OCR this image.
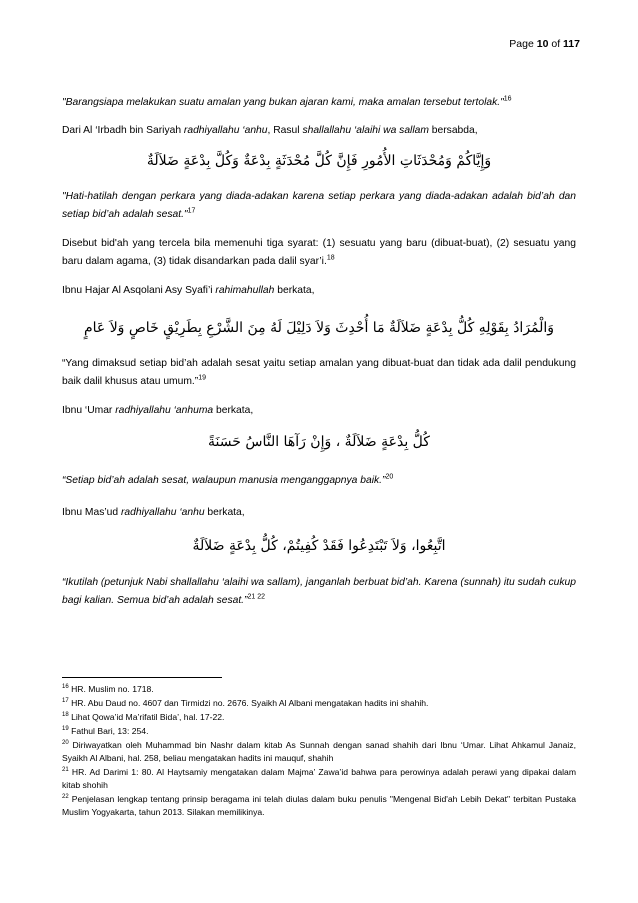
Page 10 of 117
"Barangsiapa melakukan suatu amalan yang bukan ajaran kami, maka amalan tersebut tertolak."$^{16}$
Dari Al ‘Irbadh bin Sariyah radhiyallahu ‘anhu, Rasul shallallahu ‘alaihi wa sallam bersabda,
وَإِيَّاكُمْ وَمُحْدَثَاتِ الأُمُورِ فَإِنَّ كُلَّ مُحْدَثَةٍ بِدْعَةٌ وَكُلَّ بِدْعَةٍ ضَلاَلَةٌ
"Hati-hatilah dengan perkara yang diada-adakan karena setiap perkara yang diada-adakan adalah bid’ah dan setiap bid’ah adalah sesat."$^{17}$
Disebut bid'ah yang tercela bila memenuhi tiga syarat: (1) sesuatu yang baru (dibuat-buat), (2) sesuatu yang baru dalam agama, (3) tidak disandarkan pada dalil syar’i.$^{18}$
Ibnu Hajar Al Asqolani Asy Syafi’i rahimahullah berkata,
وَالْمُرَادُ بِقَوْلِهِ كُلُّ بِدْعَةٍ ضَلاَلَةٌ مَا أُحْدِثَ وَلاَ دَلِيْلَ لَهُ مِنَ الشَّرْعِ بِطَرِيْقٍ خَاصٍ وَلاَ عَامٍ
“Yang dimaksud setiap bid’ah adalah sesat yaitu setiap amalan yang dibuat-buat dan tidak ada dalil pendukung baik dalil khusus atau umum.”$^{19}$
Ibnu ‘Umar radhiyallahu ‘anhuma berkata,
كُلُّ بِدْعَةٍ ضَلاَلَةٌ ، وَإِنْ رَآهَا النَّاسُ حَسَنَةً
“Setiap bid’ah adalah sesat, walaupun manusia menganggapnya baik.”$^{20}$
Ibnu Mas’ud radhiyallahu ‘anhu berkata,
اتَّبِعُوا، وَلاَ تَبْتَدِعُوا فَقَدْ كُفِيتُمْ، كُلُّ بِدْعَةٍ ضَلاَلَةٌ
“Ikutilah (petunjuk Nabi shallallahu ‘alaihi wa sallam), janganlah berbuat bid’ah. Karena (sunnah) itu sudah cukup bagi kalian. Semua bid’ah adalah sesat.”$^{21 22}$
$^{16}$ HR. Muslim no. 1718.
$^{17}$ HR. Abu Daud no. 4607 dan Tirmidzi no. 2676. Syaikh Al Albani mengatakan hadits ini shahih.
$^{18}$ Lihat Qowa’id Ma’rifatil Bida’, hal. 17-22.
$^{19}$ Fathul Bari, 13: 254.
$^{20}$ Diriwayatkan oleh Muhammad bin Nashr dalam kitab As Sunnah dengan sanad shahih dari Ibnu ‘Umar. Lihat Ahkamul Janaiz, Syaikh Al Albani, hal. 258, beliau mengatakan hadits ini mauquf, shahih
$^{21}$ HR. Ad Darimi 1: 80. Al Haytsamiy mengatakan dalam Majma’ Zawa’id bahwa para perowinya adalah perawi yang dipakai dalam kitab shohih
$^{22}$ Penjelasan lengkap tentang prinsip beragama ini telah diulas dalam buku penulis "Mengenal Bid'ah Lebih Dekat" terbitan Pustaka Muslim Yogyakarta, tahun 2013. Silakan memilikinya.
